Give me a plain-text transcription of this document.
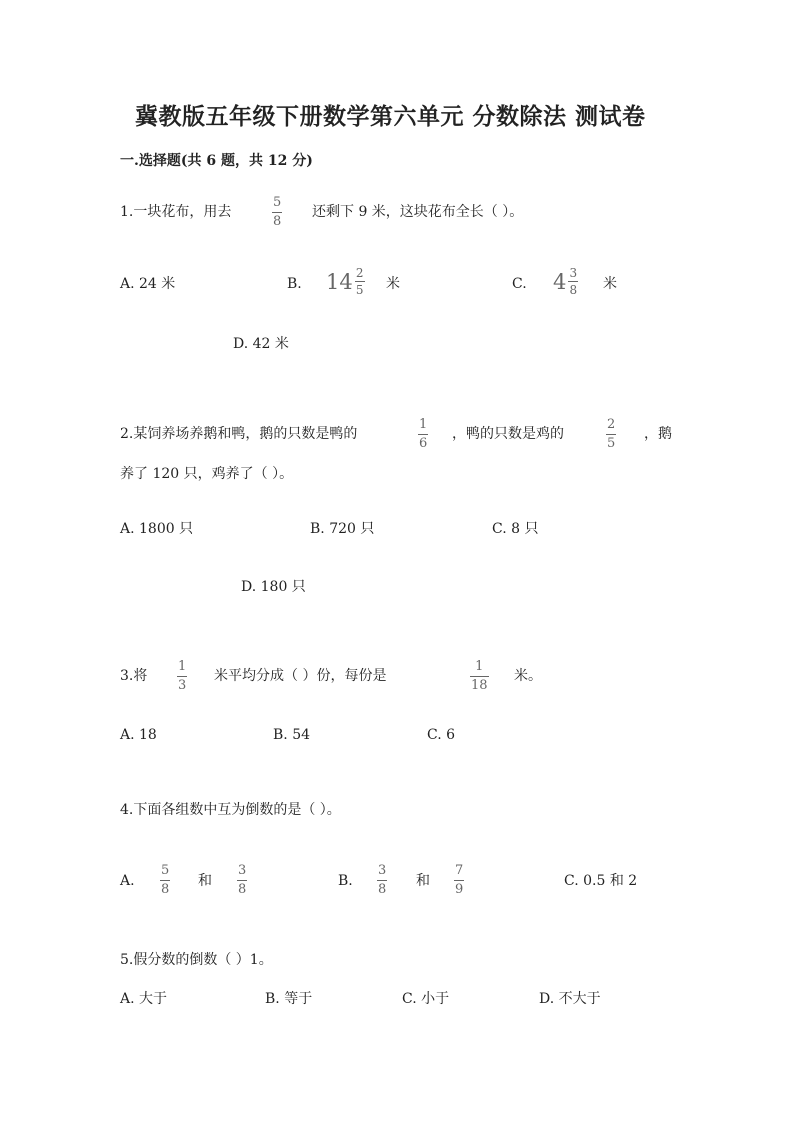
冀教版五年级下册数学第六单元 分数除法 测试卷
一.选择题(共 6 题，共 12 分)
1.一块花布，用去
5
8
还剩下 9 米，这块花布全长（ ）。
A. 24 米	B. $14 \frac{2}{5}$ 米	C. $4 \frac{3}{8}$ 米
D. 42 米
2.某饲养场养鹅和鸭，鹅的只数是鸭的
1
6
，鸭的只数是鸡的
2
5
，鹅
养了 120 只，鸡养了（ ）。
A. 1800 只	B. 720 只	C. 8 只
D. 180 只
3.将
1
3
米平均分成（ ）份，每份是
1
18
米。
A. 18	B. 54	C. 6
4.下面各组数中互为倒数的是（ ）。
A.
5
8
和
3
8
B.
3
8
和
7
9
C. 0.5 和 2
5.假分数的倒数（ ）1。
A. 大于	B. 等于	C. 小于	D. 不大于
